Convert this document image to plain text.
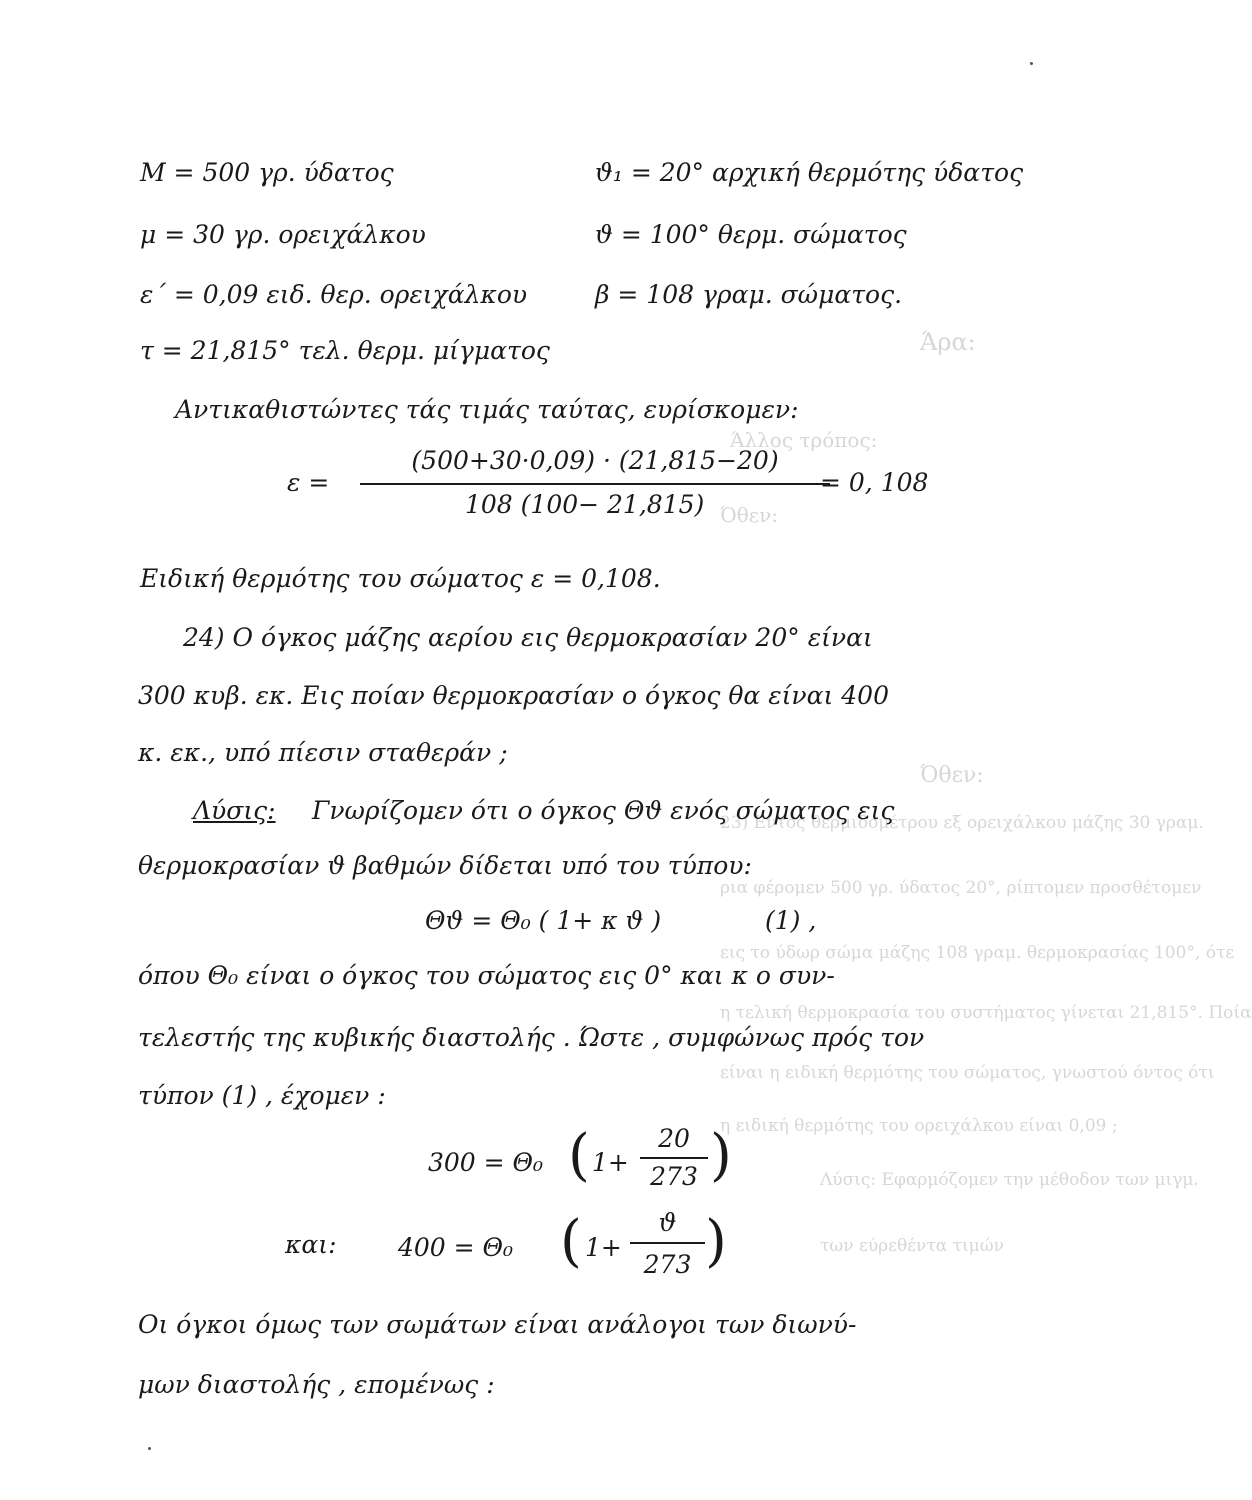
Άρα:
Άλλος τρόπος:
Όθεν:
Όθεν:
23) Εντός θερμιδομέτρου εξ ορειχάλκου μάζης 30 γραμ.
ρια φέρομεν 500 γρ. ύδατος 20°, ρίπτομεν προσθέτομεν
εις το ύδωρ σώμα μάζης 108 γραμ. θερμοκρασίας 100°, ότε
η τελική θερμοκρασία του συστήματος γίνεται 21,815°. Ποία
είναι η ειδική θερμότης του σώματος, γνωστού όντος ότι
η ειδική θερμότης του ορειχάλκου είναι 0,09 ;
Λύσις: Εφαρμόζομεν την μέθοδον των μιγμ.
των εύρεθέντα τιμών
M = 500 γρ. ύδατος
μ = 30 γρ. ορειχάλκου
ε΄ = 0,09 ειδ. θερ. ορειχάλκου
τ = 21,815° τελ. θερμ. μίγματος
ϑ₁ = 20° αρχική θερμότης ύδατος
ϑ = 100° θερμ. σώματος
β = 108 γραμ. σώματος.
Αντικαθιστώντες τάς τιμάς ταύτας, ευρίσκομεν:
ε =
(500+30·0,09) · (21,815−20)
108 (100− 21,815)
= 0, 108
Ειδική θερμότης του σώματος ε = 0,108.
24) Ο όγκος μάζης αερίου εις θερμοκρασίαν 20° είναι
300 κυβ. εκ. Εις ποίαν θερμοκρασίαν ο όγκος θα είναι 400
κ. εκ., υπό πίεσιν σταθεράν ;
Λύσις: Γνωρίζομεν ότι ο όγκος Θϑ ενός σώματος εις
θερμοκρασίαν ϑ βαθμών δίδεται υπό του τύπου:
Θϑ = Θ₀ ( 1+ κ ϑ )	(1) ,
όπου Θ₀ είναι ο όγκος του σώματος εις 0° και κ ο συν-
τελεστής της κυβικής διαστολής . Ώστε , συμφώνως πρός τον
τύπον (1) , έχομεν :
300 = Θ₀ ( 1+
20
273 )
και: 400 = Θ₀ ( 1+
ϑ
273 )
Οι όγκοι όμως των σωμάτων είναι ανάλογοι των διωνύ-
μων διαστολής , επομένως :
